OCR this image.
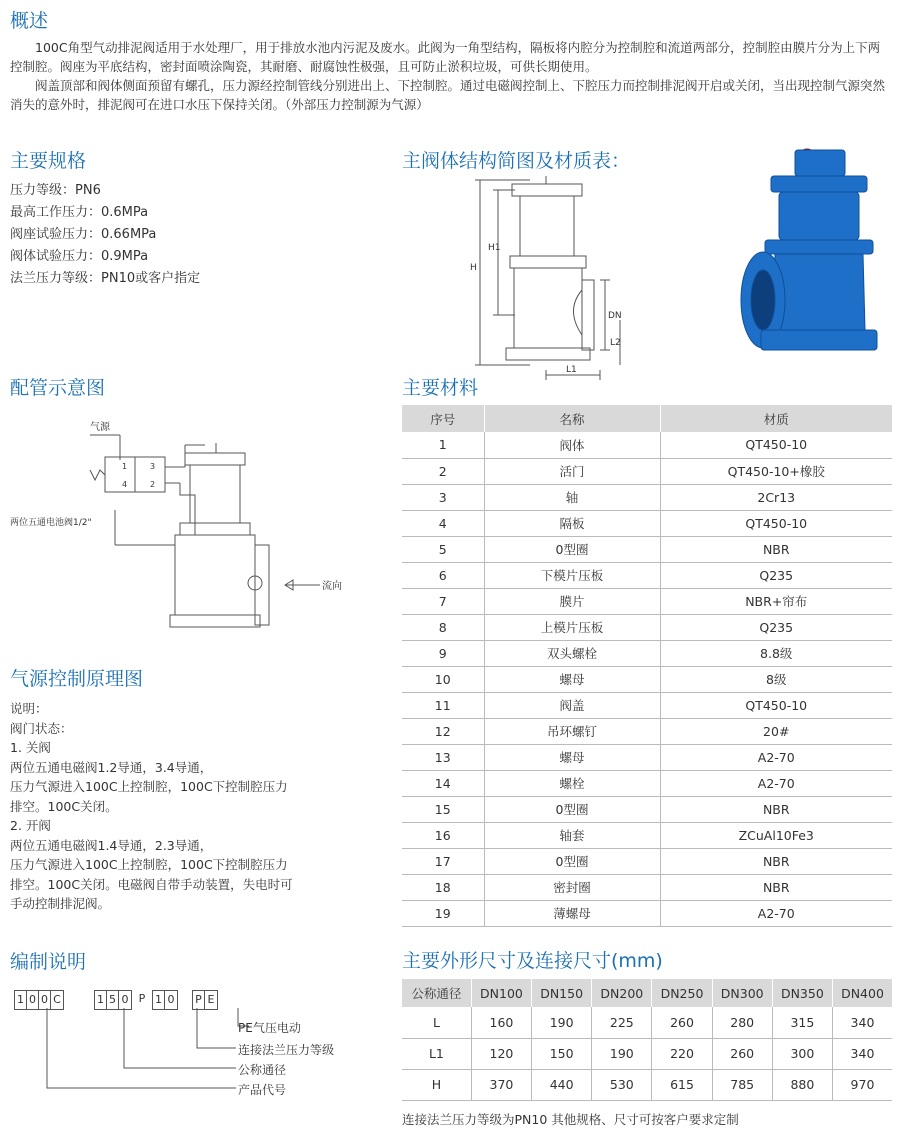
概述

100C角型气动排泥阀适用于水处理厂，用于排放水池内污泥及废水。此阀为一角型结构，隔板将内腔分为控制腔和流道两部分，控制腔由膜片分为上下两控制腔。阀座为平底结构，密封面喷涂陶瓷，其耐磨、耐腐蚀性极强，且可防止淤积垃圾，可供长期使用。

阀盖顶部和阀体侧面预留有螺孔，压力源经控制管线分别进出上、下控制腔。通过电磁阀控制上、下腔压力而控制排泥阀开启或关闭，当出现控制气源突然消失的意外时，排泥阀可在进口水压下保持关闭。（外部压力控制源为气源）

主要规格
压力等级：PN6
最高工作压力：0.6MPa
阀座试验压力：0.66MPa
阀体试验压力：0.9MPa
法兰压力等级：PN10或客户指定
主阀体结构简图及材质表：
H
H1
DN
L2
L1
配管示意图
气源
两位五通电池阀1/2"
流向
1	3
4	2
主要材料
序号	名称	材质
1	阀体	QT450-10
2	活门	QT450-10+橡胶
3	轴	2Cr13
4	隔板	QT450-10
5	0型圈	NBR
6	下模片压板	Q235
7	膜片	NBR+帘布
8	上模片压板	Q235
9	双头螺栓	8.8级
10	螺母	8级
11	阀盖	QT450-10
12	吊环螺钉	20#
13	螺母	A2-70
14	螺栓	A2-70
15	0型圈	NBR
16	轴套	ZCuAl10Fe3
17	0型圈	NBR
18	密封圈	NBR
19	薄螺母	A2-70
气源控制原理图
说明：
阀门状态：
1. 关阀
两位五通电磁阀1.2导通，3.4导通，
压力气源进入100C上控制腔，100C下控制腔压力
排空。100C关闭。
2. 开阀
两位五通电磁阀1.4导通，2.3导通，
压力气源进入100C上控制腔，100C下控制腔压力
排空。100C关闭。电磁阀自带手动装置，失电时可
手动控制排泥阀。
编制说明
1 0 0 C	1 5 0 P 1 0 P E
PE气压电动
连接法兰压力等级
公称通径
产品代号
主要外形尺寸及连接尺寸(mm)
公称通径	DN100	DN150	DN200	DN250	DN300	DN350	DN400
L	160	190	225	260	280	315	340
L1	120	150	190	220	260	300	340
H	370	440	530	615	785	880	970
连接法兰压力等级为PN10 其他规格、尺寸可按客户要求定制
